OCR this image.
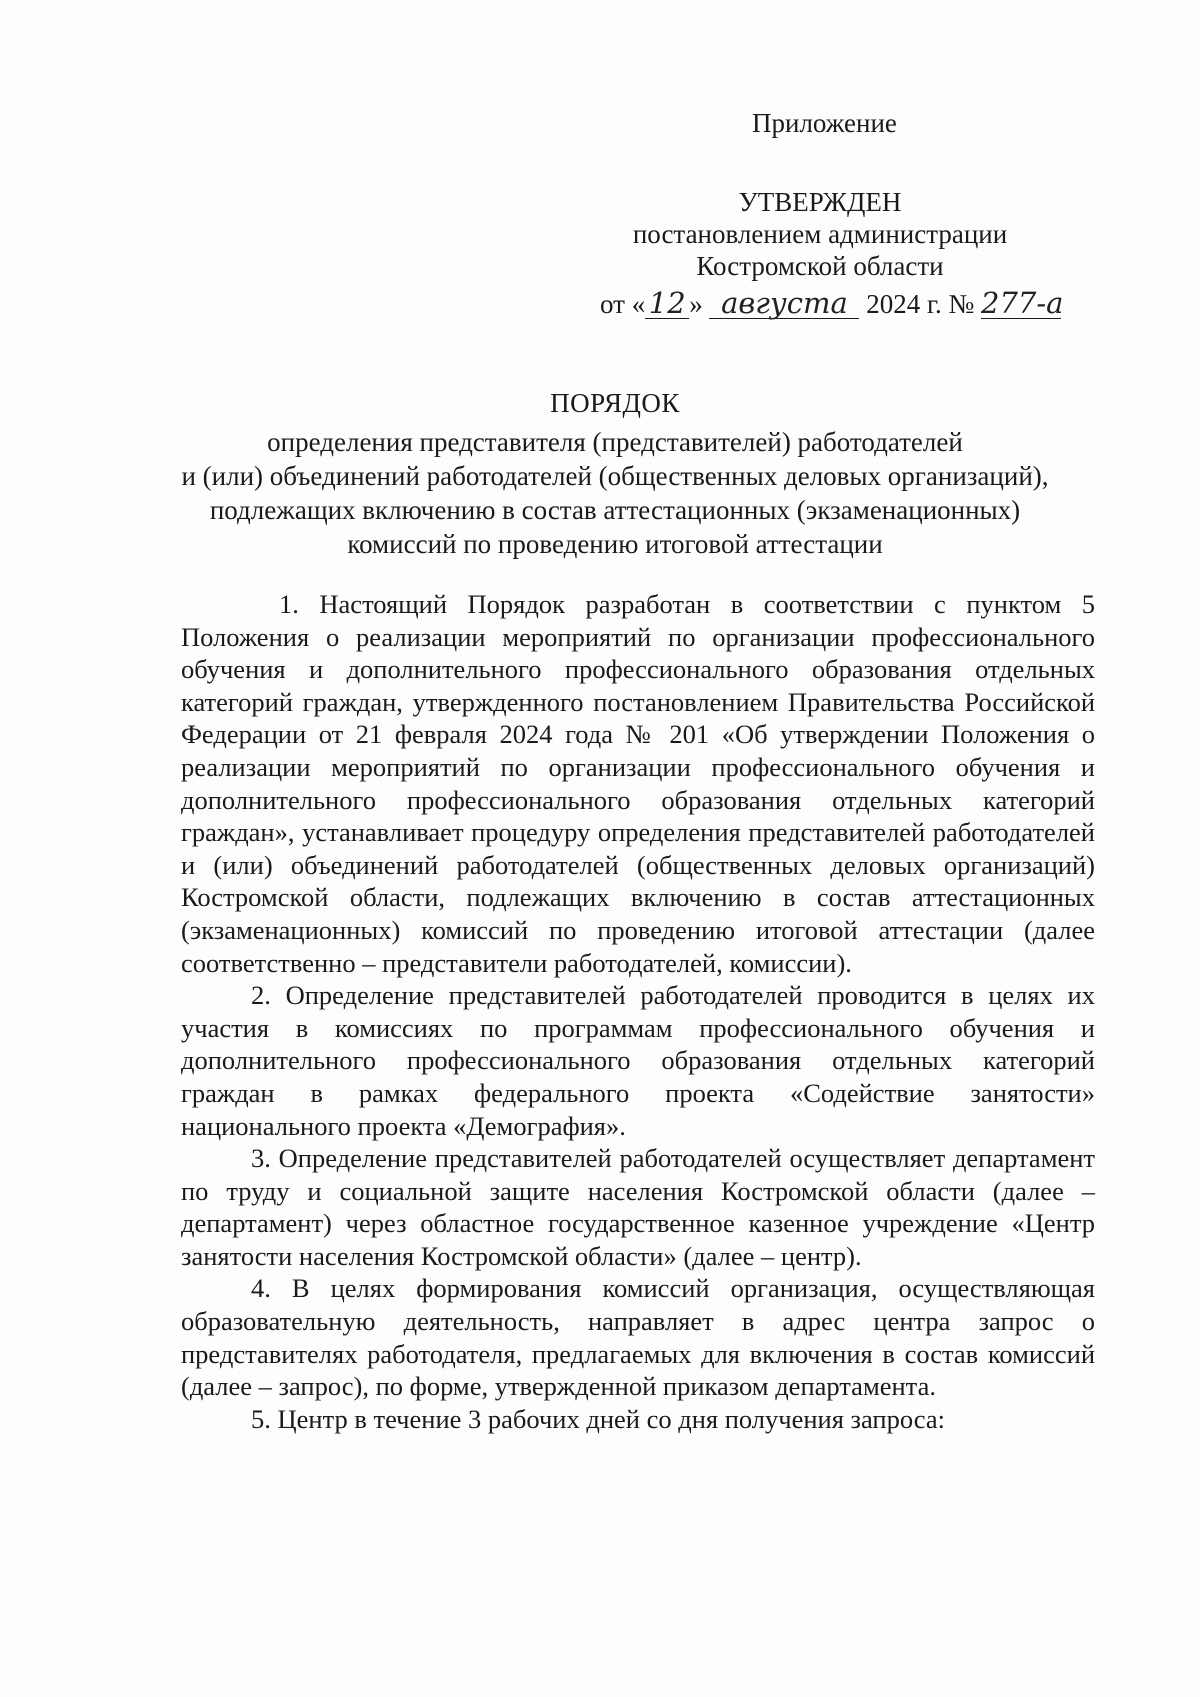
Приложение
УТВЕРЖДЕН
постановлением администрации
Костромской области
от « 12 » августа 2024 г. № 277-а
ПОРЯДОК
определения представителя (представителей) работодателей
и (или) объединений работодателей (общественных деловых организаций),
подлежащих включению в состав аттестационных (экзаменационных)
комиссий по проведению итоговой аттестации

1. Настоящий Порядок разработан в соответствии с пунктом 5 Положения о реализации мероприятий по организации профессионального обучения и дополнительного профессионального образования отдельных категорий граждан, утвержденного постановлением Правительства Российской Федерации от 21 февраля 2024 года № 201 «Об утверждении Положения о реализации мероприятий по организации профессионального обучения и дополнительного профессионального образования отдельных категорий граждан», устанавливает процедуру определения представителей работодателей и (или) объединений работодателей (общественных деловых организаций) Костромской области, подлежащих включению в состав аттестационных (экзаменационных) комиссий по проведению итоговой аттестации (далее соответственно – представители работодателей, комиссии).

2. Определение представителей работодателей проводится в целях их участия в комиссиях по программам профессионального обучения и дополнительного профессионального образования отдельных категорий граждан в рамках федерального проекта «Содействие занятости» национального проекта «Демография».

3. Определение представителей работодателей осуществляет департамент по труду и социальной защите населения Костромской области (далее – департамент) через областное государственное казенное учреждение «Центр занятости населения Костромской области» (далее – центр).

4. В целях формирования комиссий организация, осуществляющая образовательную деятельность, направляет в адрес центра запрос о представителях работодателя, предлагаемых для включения в состав комиссий (далее – запрос), по форме, утвержденной приказом департамента.

5. Центр в течение 3 рабочих дней со дня получения запроса:
